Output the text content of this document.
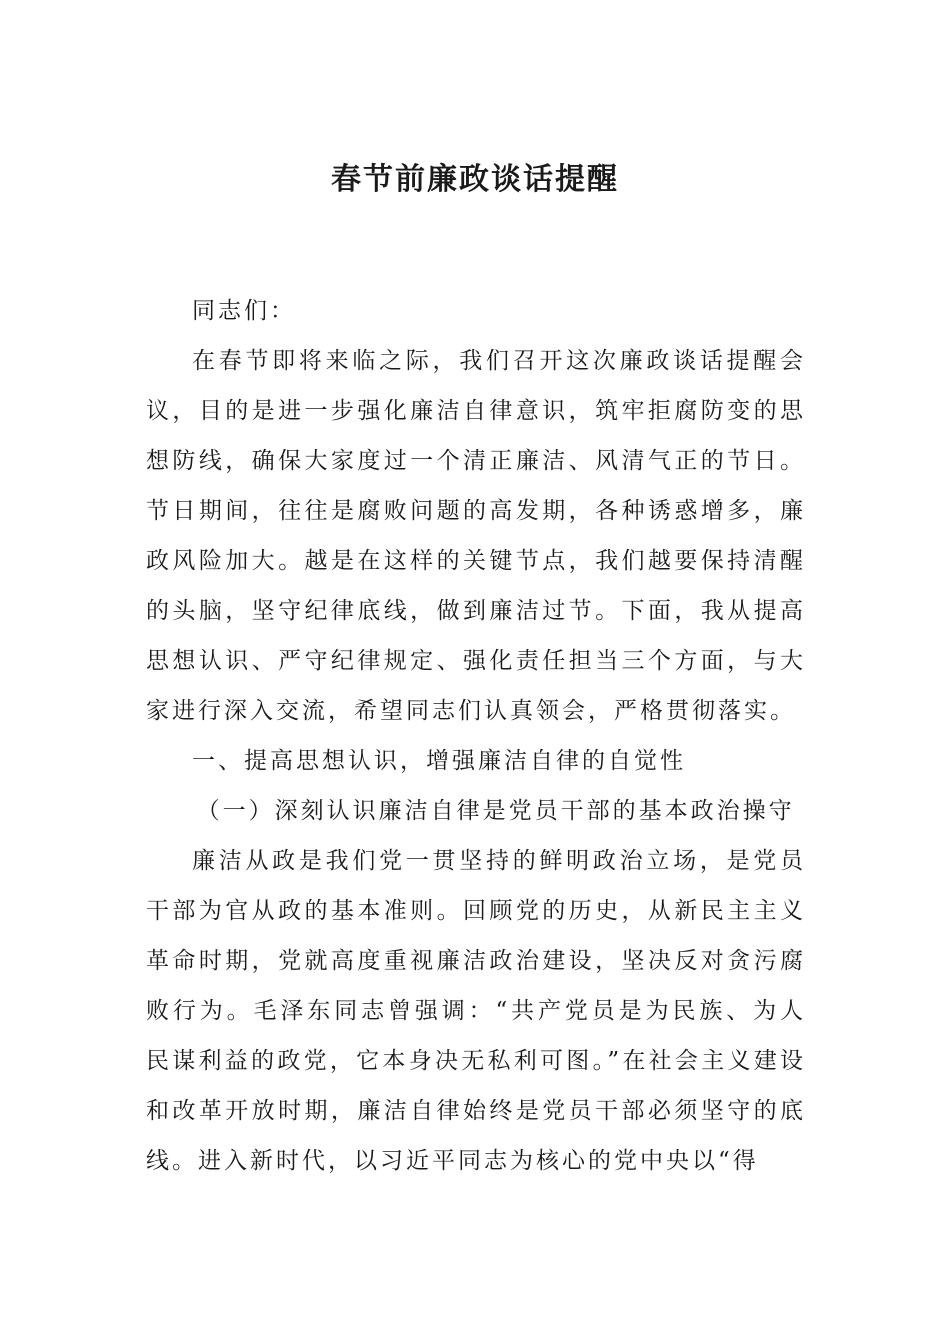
春节前廉政谈话提醒

同志们：

在春节即将来临之际，我们召开这次廉政谈话提醒会议，目的是进一步强化廉洁自律意识，筑牢拒腐防变的思想防线，确保大家度过一个清正廉洁、风清气正的节日。节日期间，往往是腐败问题的高发期，各种诱惑增多，廉政风险加大。越是在这样的关键节点，我们越要保持清醒的头脑，坚守纪律底线，做到廉洁过节。下面，我从提高思想认识、严守纪律规定、强化责任担当三个方面，与大家进行深入交流，希望同志们认真领会，严格贯彻落实。

一、提高思想认识，增强廉洁自律的自觉性

（一）深刻认识廉洁自律是党员干部的基本政治操守

廉洁从政是我们党一贯坚持的鲜明政治立场，是党员干部为官从政的基本准则。回顾党的历史，从新民主主义革命时期，党就高度重视廉洁政治建设，坚决反对贪污腐败行为。毛泽东同志曾强调：“共产党员是为民族、为人民谋利益的政党，它本身决无私利可图。”在社会主义建设和改革开放时期，廉洁自律始终是党员干部必须坚守的底线。进入新时代，以习近平同志为核心的党中央以“得
